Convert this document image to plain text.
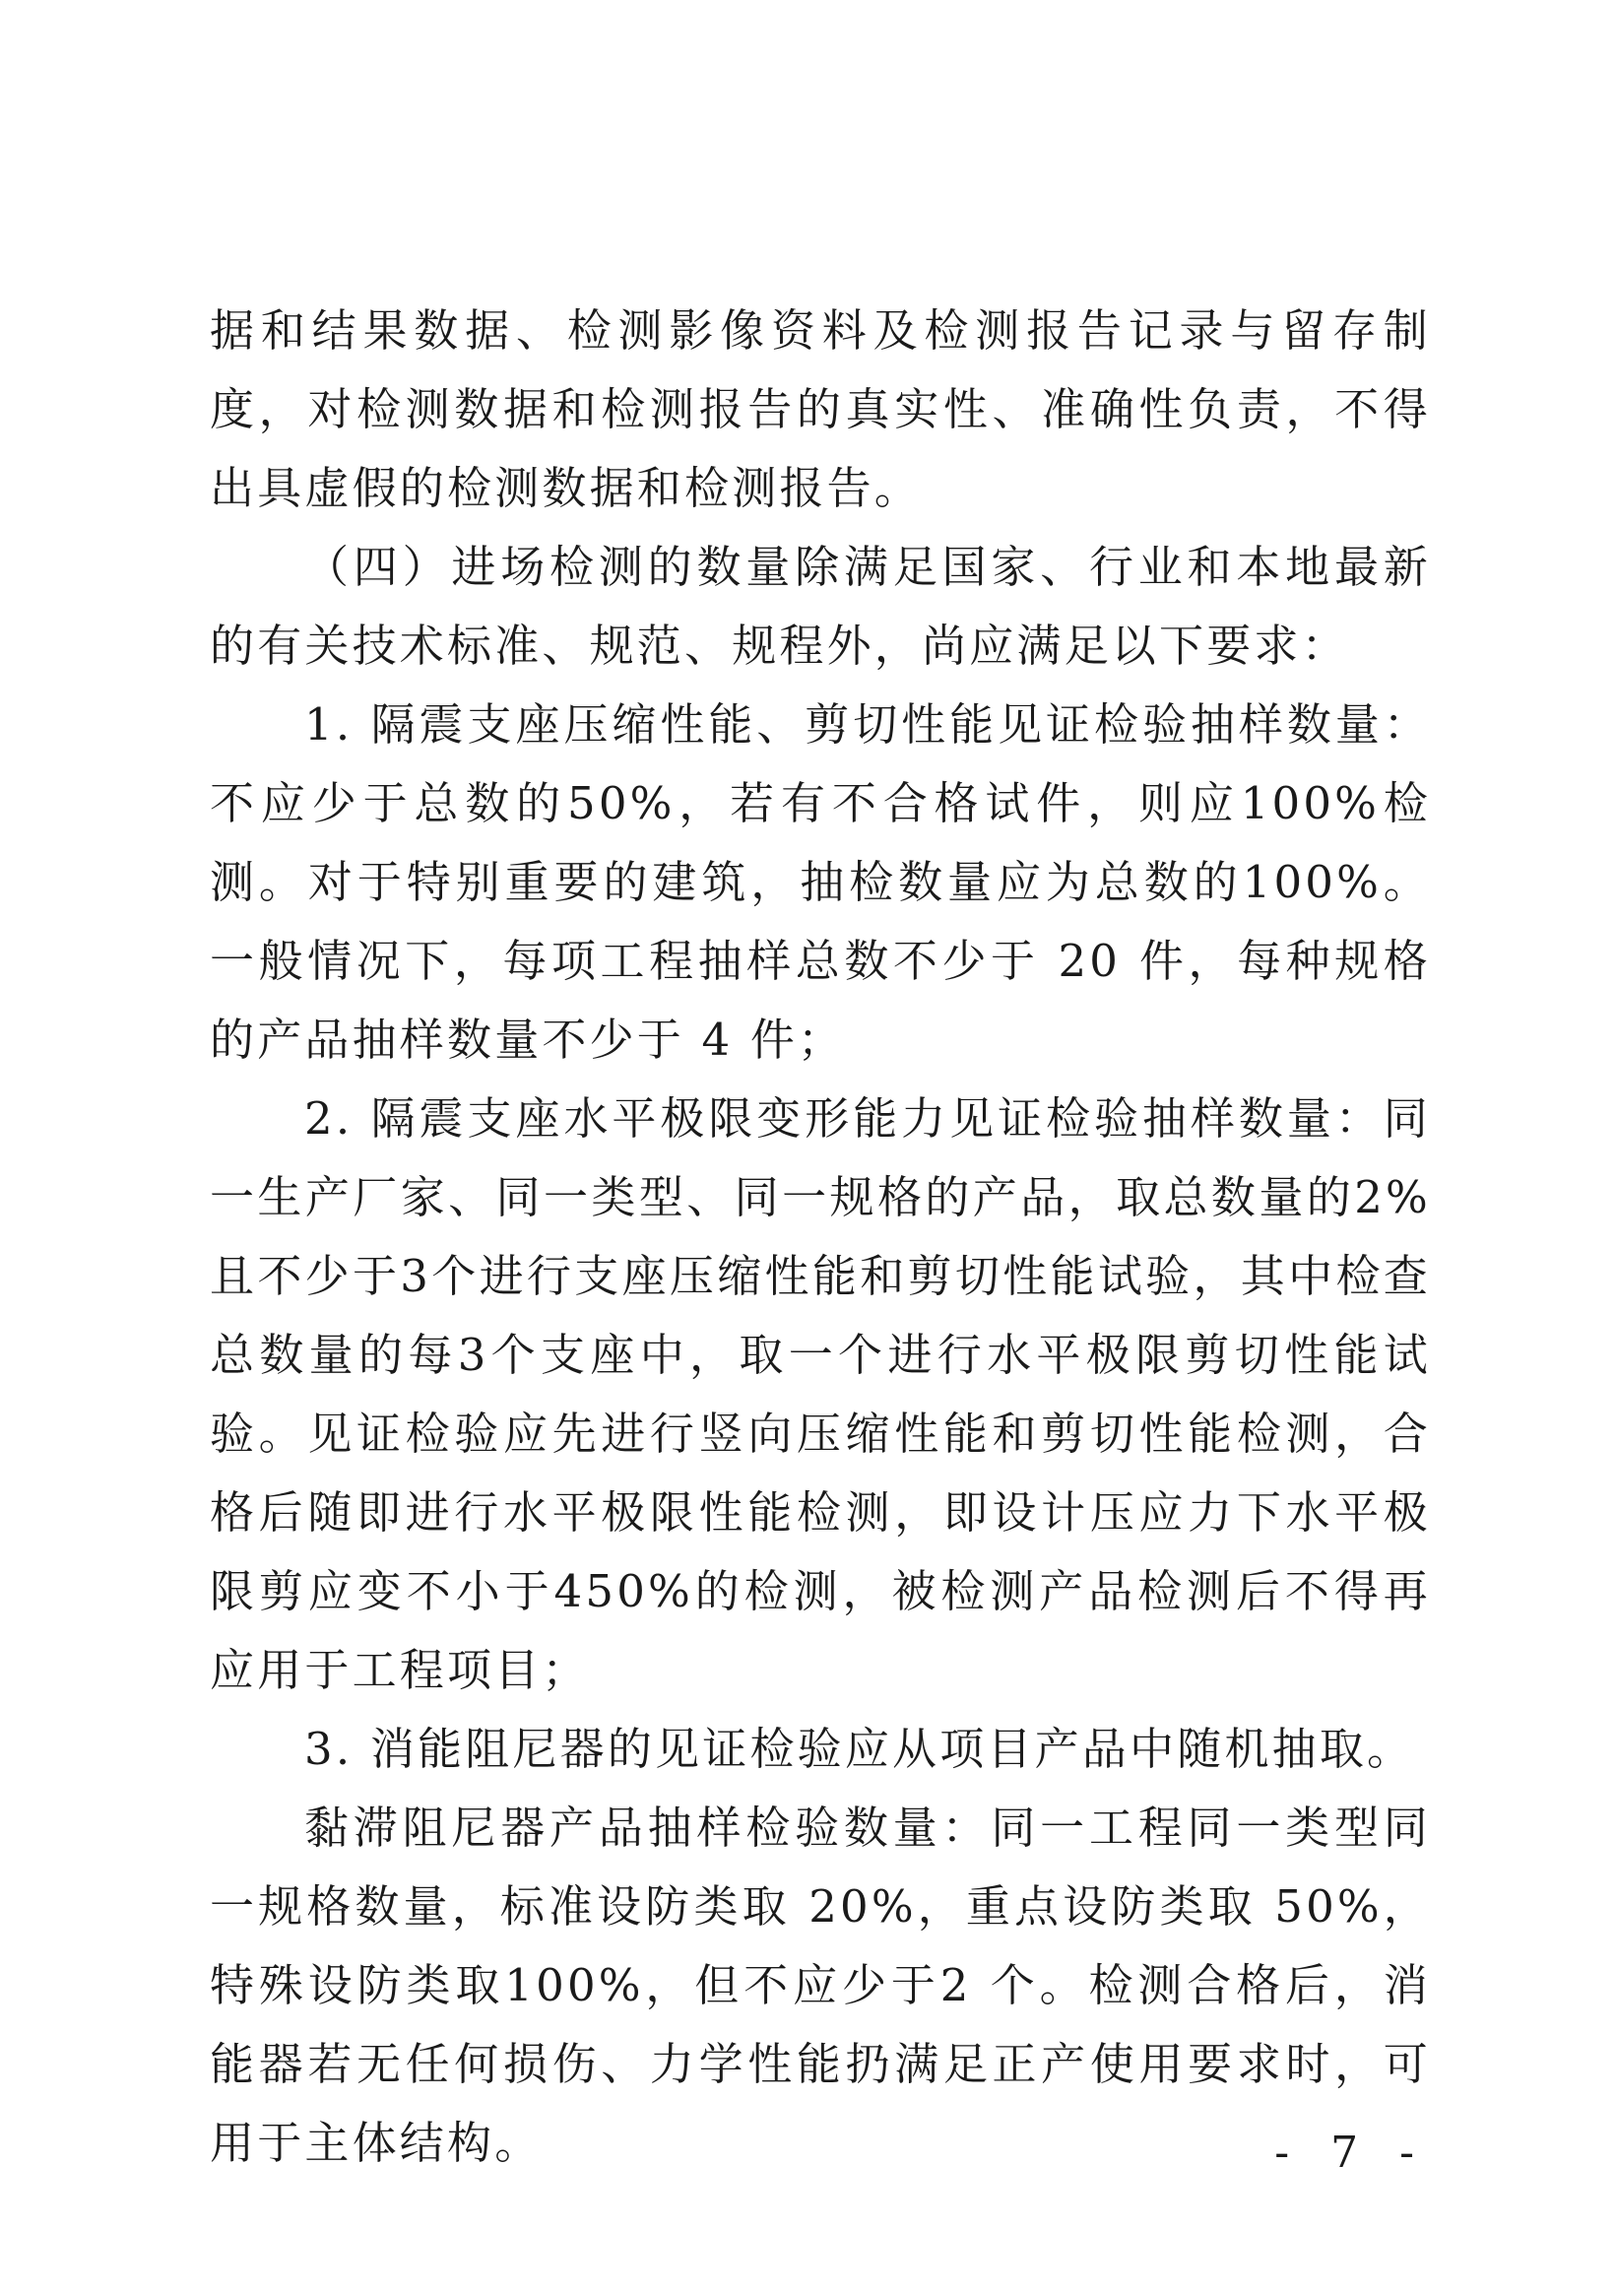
据和结果数据、检测影像资料及检测报告记录与留存制度，对检测数据和检测报告的真实性、准确性负责，不得出具虚假的检测数据和检测报告。

（四）进场检测的数量除满足国家、行业和本地最新的有关技术标准、规范、规程外，尚应满足以下要求：

1. 隔震支座压缩性能、剪切性能见证检验抽样数量：不应少于总数的50%，若有不合格试件，则应100%检测。对于特别重要的建筑，抽检数量应为总数的100%。一般情况下，每项工程抽样总数不少于 20 件，每种规格的产品抽样数量不少于 4 件；

2. 隔震支座水平极限变形能力见证检验抽样数量：同一生产厂家、同一类型、同一规格的产品，取总数量的2%且不少于3个进行支座压缩性能和剪切性能试验，其中检查总数量的每3个支座中，取一个进行水平极限剪切性能试验。见证检验应先进行竖向压缩性能和剪切性能检测，合格后随即进行水平极限性能检测，即设计压应力下水平极限剪应变不小于450%的检测，被检测产品检测后不得再应用于工程项目；

3. 消能阻尼器的见证检验应从项目产品中随机抽取。

黏滞阻尼器产品抽样检验数量：同一工程同一类型同一规格数量，标准设防类取 20%，重点设防类取 50%，特殊设防类取100%，但不应少于2 个。检测合格后，消能器若无任何损伤、力学性能扔满足正产使用要求时，可用于主体结构。	- 7 -
